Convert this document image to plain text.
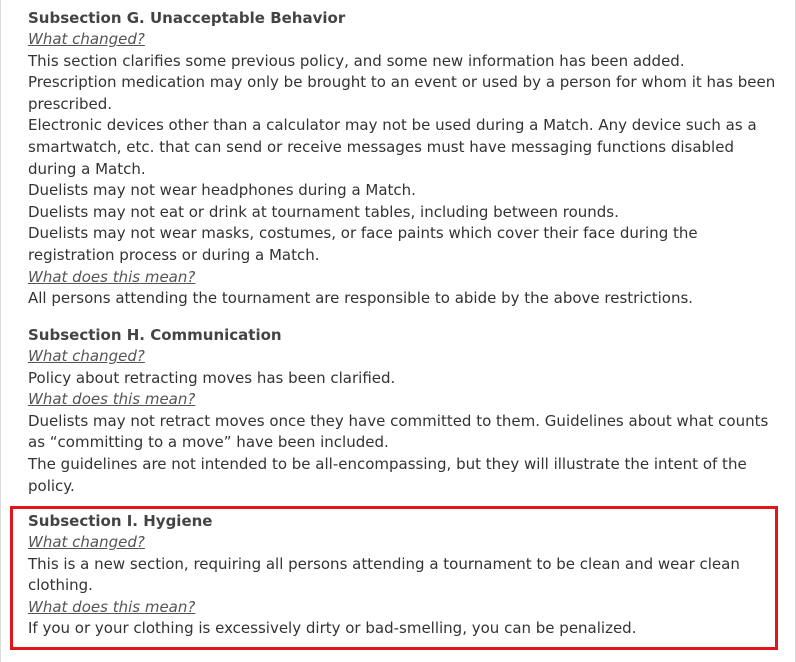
Subsection G. Unacceptable Behavior

What changed?

This section clarifies some previous policy, and some new information has been added.

Prescription medication may only be brought to an event or used by a person for whom it has been prescribed.

Electronic devices other than a calculator may not be used during a Match. Any device such as a smartwatch, etc. that can send or receive messages must have messaging functions disabled during a Match.

Duelists may not wear headphones during a Match.

Duelists may not eat or drink at tournament tables, including between rounds.

Duelists may not wear masks, costumes, or face paints which cover their face during the registration process or during a Match.

What does this mean?

All persons attending the tournament are responsible to abide by the above restrictions.

Subsection H. Communication

What changed?

Policy about retracting moves has been clarified.

What does this mean?

Duelists may not retract moves once they have committed to them. Guidelines about what counts as “committing to a move” have been included.

The guidelines are not intended to be all-encompassing, but they will illustrate the intent of the policy.

Subsection I. Hygiene

What changed?

This is a new section, requiring all persons attending a tournament to be clean and wear clean clothing.

What does this mean?

If you or your clothing is excessively dirty or bad-smelling, you can be penalized.
